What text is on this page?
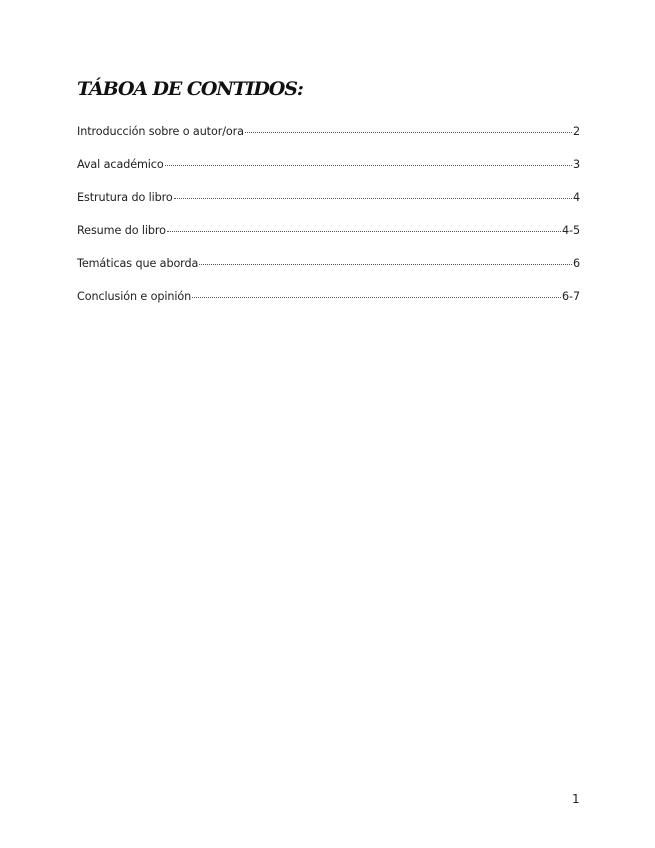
TÁBOA DE CONTIDOS:
Introducción sobre o autor/ora	2
Aval académico	3
Estrutura do libro	4
Resume do libro	4-5
Temáticas que aborda	6
Conclusión e opinión	6-7
1
